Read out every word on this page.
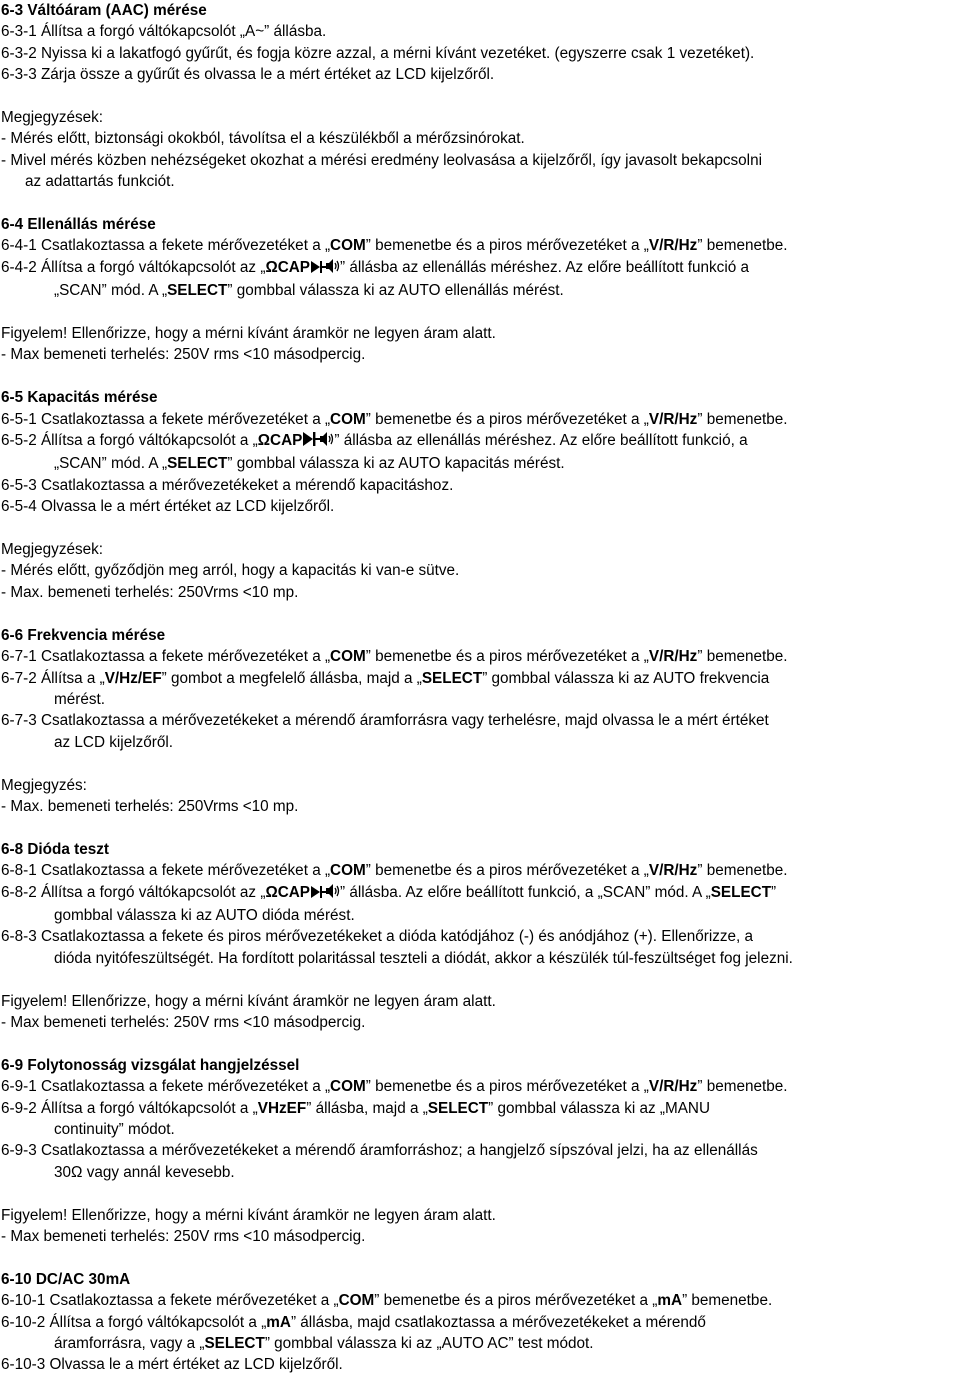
6-3 Váltóáram (AAC) mérése
6-3-1 Állítsa a forgó váltókapcsolót „A~” állásba.
6-3-2 Nyissa ki a lakatfogó gyűrűt, és fogja közre azzal, a mérni kívánt vezetéket. (egyszerre csak 1 vezetéket).
6-3-3 Zárja össze a gyűrűt és olvassa le a mért értéket az LCD kijelzőről.
Megjegyzések:
- Mérés előtt, biztonsági okokból, távolítsa el a készülékből a mérőzsinórokat.
- Mivel mérés közben nehézségeket okozhat a mérési eredmény leolvasása a kijelzőről, így javasolt bekapcsolni
az adattartás funkciót.
6-4 Ellenállás mérése
6-4-1 Csatlakoztassa a fekete mérővezetéket a „COM” bemenetbe és a piros mérővezetéket a „V/R/Hz” bemenetbe.
6-4-2 Állítsa a forgó váltókapcsolót az „ΩCAP ” állásba az ellenállás méréshez. Az előre beállított funkció a
„SCAN” mód. A „SELECT” gombbal válassza ki az AUTO ellenállás mérést.
Figyelem! Ellenőrizze, hogy a mérni kívánt áramkör ne legyen áram alatt.
- Max bemeneti terhelés: 250V rms <10 másodpercig.
6-5 Kapacitás mérése
6-5-1 Csatlakoztassa a fekete mérővezetéket a „COM” bemenetbe és a piros mérővezetéket a „V/R/Hz” bemenetbe.
6-5-2 Állítsa a forgó váltókapcsolót a „ΩCAP ” állásba az ellenállás méréshez. Az előre beállított funkció, a
„SCAN” mód. A „SELECT” gombbal válassza ki az AUTO kapacitás mérést.
6-5-3 Csatlakoztassa a mérővezetékeket a mérendő kapacitáshoz.
6-5-4 Olvassa le a mért értéket az LCD kijelzőről.
Megjegyzések:
- Mérés előtt, győződjön meg arról, hogy a kapacitás ki van-e sütve.
- Max. bemeneti terhelés: 250Vrms <10 mp.
6-6 Frekvencia mérése
6-7-1 Csatlakoztassa a fekete mérővezetéket a „COM” bemenetbe és a piros mérővezetéket a „V/R/Hz” bemenetbe.
6-7-2 Állítsa a „V/Hz/EF” gombot a megfelelő állásba, majd a „SELECT” gombbal válassza ki az AUTO frekvencia
mérést.
6-7-3 Csatlakoztassa a mérővezetékeket a mérendő áramforrásra vagy terhelésre, majd olvassa le a mért értéket
az LCD kijelzőről.
Megjegyzés:
- Max. bemeneti terhelés: 250Vrms <10 mp.
6-8 Dióda teszt
6-8-1 Csatlakoztassa a fekete mérővezetéket a „COM” bemenetbe és a piros mérővezetéket a „V/R/Hz” bemenetbe.
6-8-2 Állítsa a forgó váltókapcsolót az „ΩCAP ” állásba. Az előre beállított funkció, a „SCAN” mód. A „SELECT”
gombbal válassza ki az AUTO dióda mérést.
6-8-3 Csatlakoztassa a fekete és piros mérővezetékeket a dióda katódjához (-) és anódjához (+). Ellenőrizze, a
dióda nyitófeszültségét. Ha fordított polaritással teszteli a diódát, akkor a készülék túl-feszültséget fog jelezni.
Figyelem! Ellenőrizze, hogy a mérni kívánt áramkör ne legyen áram alatt.
- Max bemeneti terhelés: 250V rms <10 másodpercig.
6-9 Folytonosság vizsgálat hangjelzéssel
6-9-1 Csatlakoztassa a fekete mérővezetéket a „COM” bemenetbe és a piros mérővezetéket a „V/R/Hz” bemenetbe.
6-9-2 Állítsa a forgó váltókapcsolót a „VHzEF” állásba, majd a „SELECT” gombbal válassza ki az „MANU
continuity” módot.
6-9-3 Csatlakoztassa a mérővezetékeket a mérendő áramforráshoz; a hangjelző sípszóval jelzi, ha az ellenállás
30Ω vagy annál kevesebb.
Figyelem! Ellenőrizze, hogy a mérni kívánt áramkör ne legyen áram alatt.
- Max bemeneti terhelés: 250V rms <10 másodpercig.
6-10 DC/AC 30mA
6-10-1 Csatlakoztassa a fekete mérővezetéket a „COM” bemenetbe és a piros mérővezetéket a „mA” bemenetbe.
6-10-2 Állítsa a forgó váltókapcsolót a „mA” állásba, majd csatlakoztassa a mérővezetékeket a mérendő
áramforrásra, vagy a „SELECT” gombbal válassza ki az „AUTO AC” test módot.
6-10-3 Olvassa le a mért értéket az LCD kijelzőről.
